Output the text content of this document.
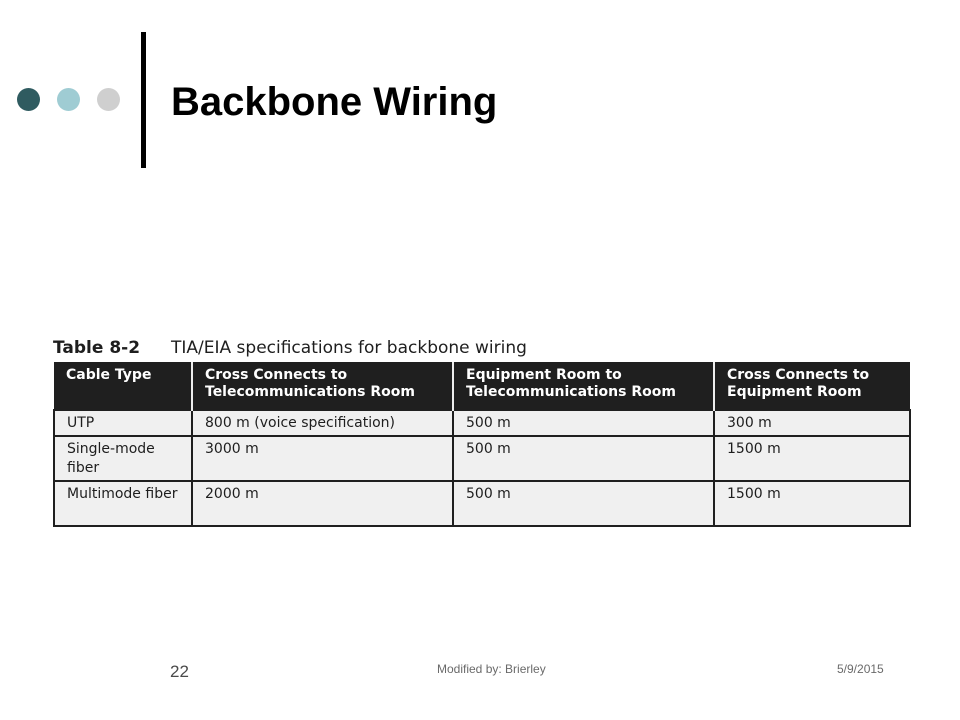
Backbone Wiring
Table 8-2 TIA/EIA specifications for backbone wiring
Cable Type	Cross Connects to Telecommunications Room	Equipment Room to Telecommunications Room	Cross Connects to Equipment Room
UTP	800 m (voice specification)	500 m	300 m
Single-mode fiber	3000 m	500 m	1500 m
Multimode fiber	2000 m	500 m	1500 m
22	Modified by: Brierley	5/9/2015
